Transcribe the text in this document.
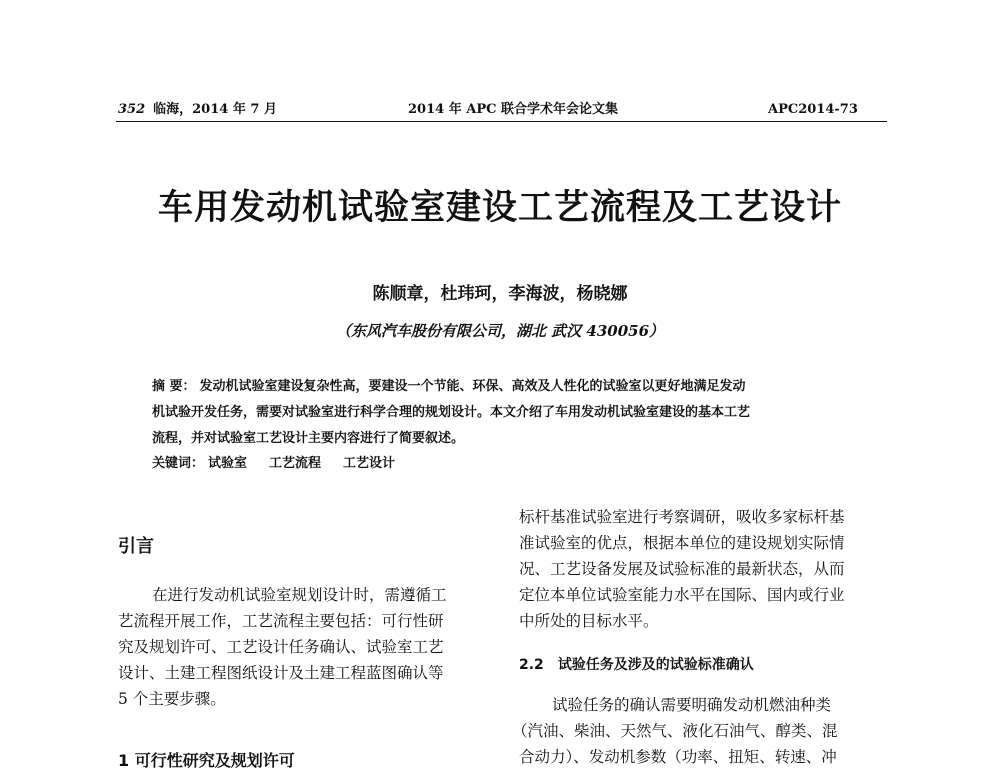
352 临海，2014 年 7 月	2014 年 APC 联合学术年会论文集	APC2014-73
车用发动机试验室建设工艺流程及工艺设计
陈顺章，杜玮珂，李海波，杨晓娜
（东风汽车股份有限公司，湖北 武汉 430056）
摘 要： 发动机试验室建设复杂性高，要建设一个节能、环保、高效及人性化的试验室以更好地满足发动
机试验开发任务，需要对试验室进行科学合理的规划设计。本文介绍了车用发动机试验室建设的基本工艺
流程，并对试验室工艺设计主要内容进行了简要叙述。
关键词： 试验室 工艺流程 工艺设计
引言
在进行发动机试验室规划设计时，需遵循工
艺流程开展工作，工艺流程主要包括：可行性研
究及规划许可、工艺设计任务确认、试验室工艺
设计、土建工程图纸设计及土建工程蓝图确认等
5 个主要步骤。
1 可行性研究及规划许可
标杆基准试验室进行考察调研，吸收多家标杆基
准试验室的优点，根据本单位的建设规划实际情
况、工艺设备发展及试验标准的最新状态，从而
定位本单位试验室能力水平在国际、国内或行业
中所处的目标水平。
2.2 试验任务及涉及的试验标准确认
试验任务的确认需要明确发动机燃油种类
（汽油、柴油、天然气、液化石油气、醇类、混
合动力）、发动机参数（功率、扭矩、转速、冲
